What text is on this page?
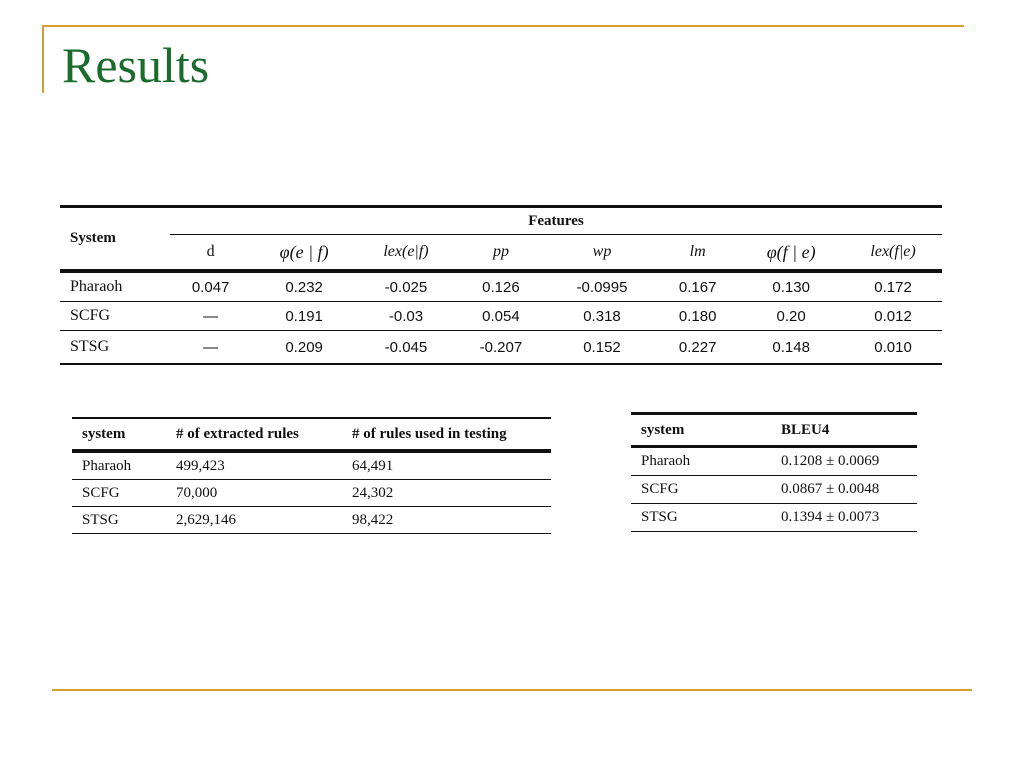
Results
System	Features							
	d	φ(e | f)	lex(e|f)	pp	wp	lm	φ(f | e)	lex(f|e)
Pharaoh	0.047	0.232	-0.025	0.126	-0.0995	0.167	0.130	0.172
SCFG	—	0.191	-0.03	0.054	0.318	0.180	0.20	0.012
STSG	—	0.209	-0.045	-0.207	0.152	0.227	0.148	0.010
system	# of extracted rules	# of rules used in testing
Pharaoh	499,423	64,491
SCFG	70,000	24,302
STSG	2,629,146	98,422
system	BLEU4
Pharaoh	0.1208 ± 0.0069
SCFG	0.0867 ± 0.0048
STSG	0.1394 ± 0.0073
